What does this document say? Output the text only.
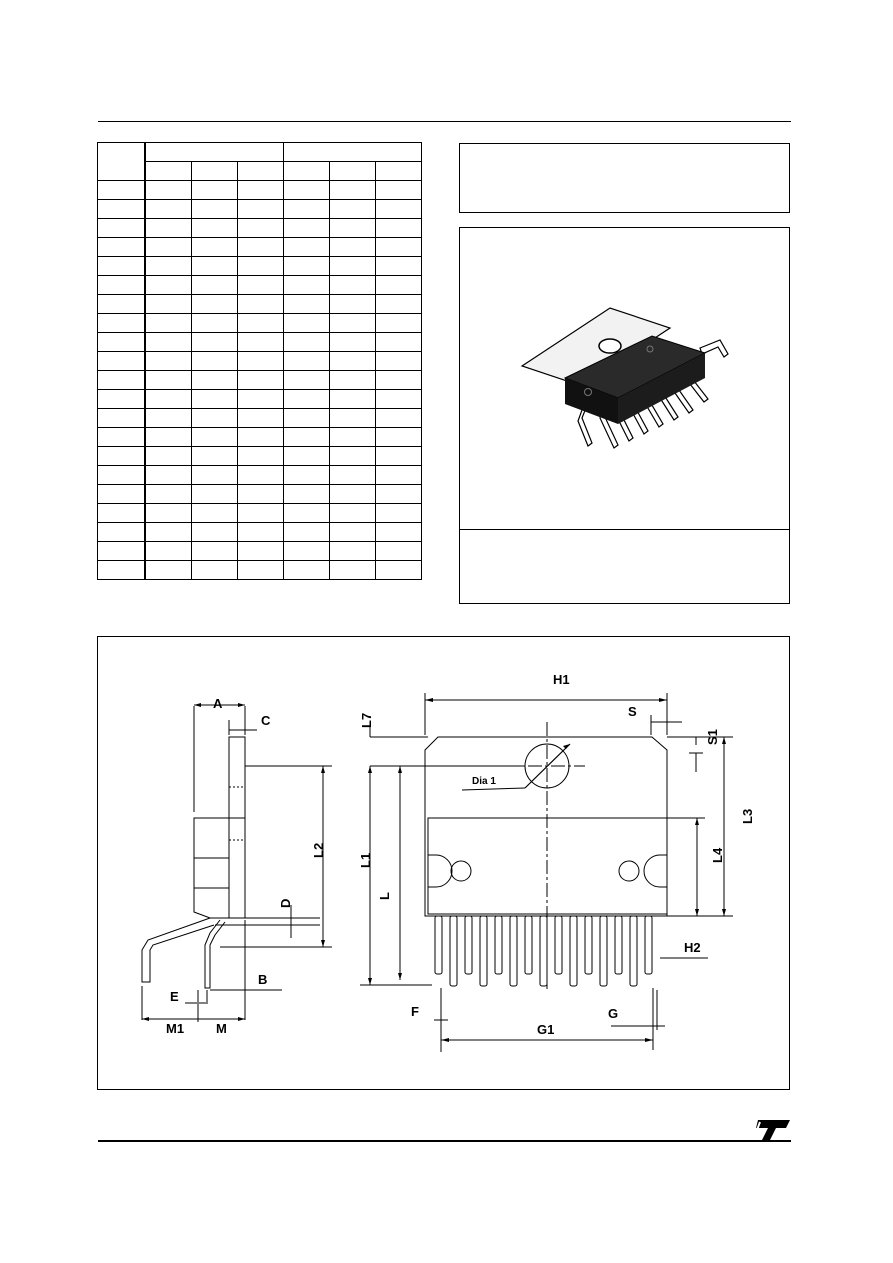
A
C
L2
D
B
E
M1 M
H1
S
S1
L7
Dia 1
L1
L
L3
L4
H2
F	G
G1
